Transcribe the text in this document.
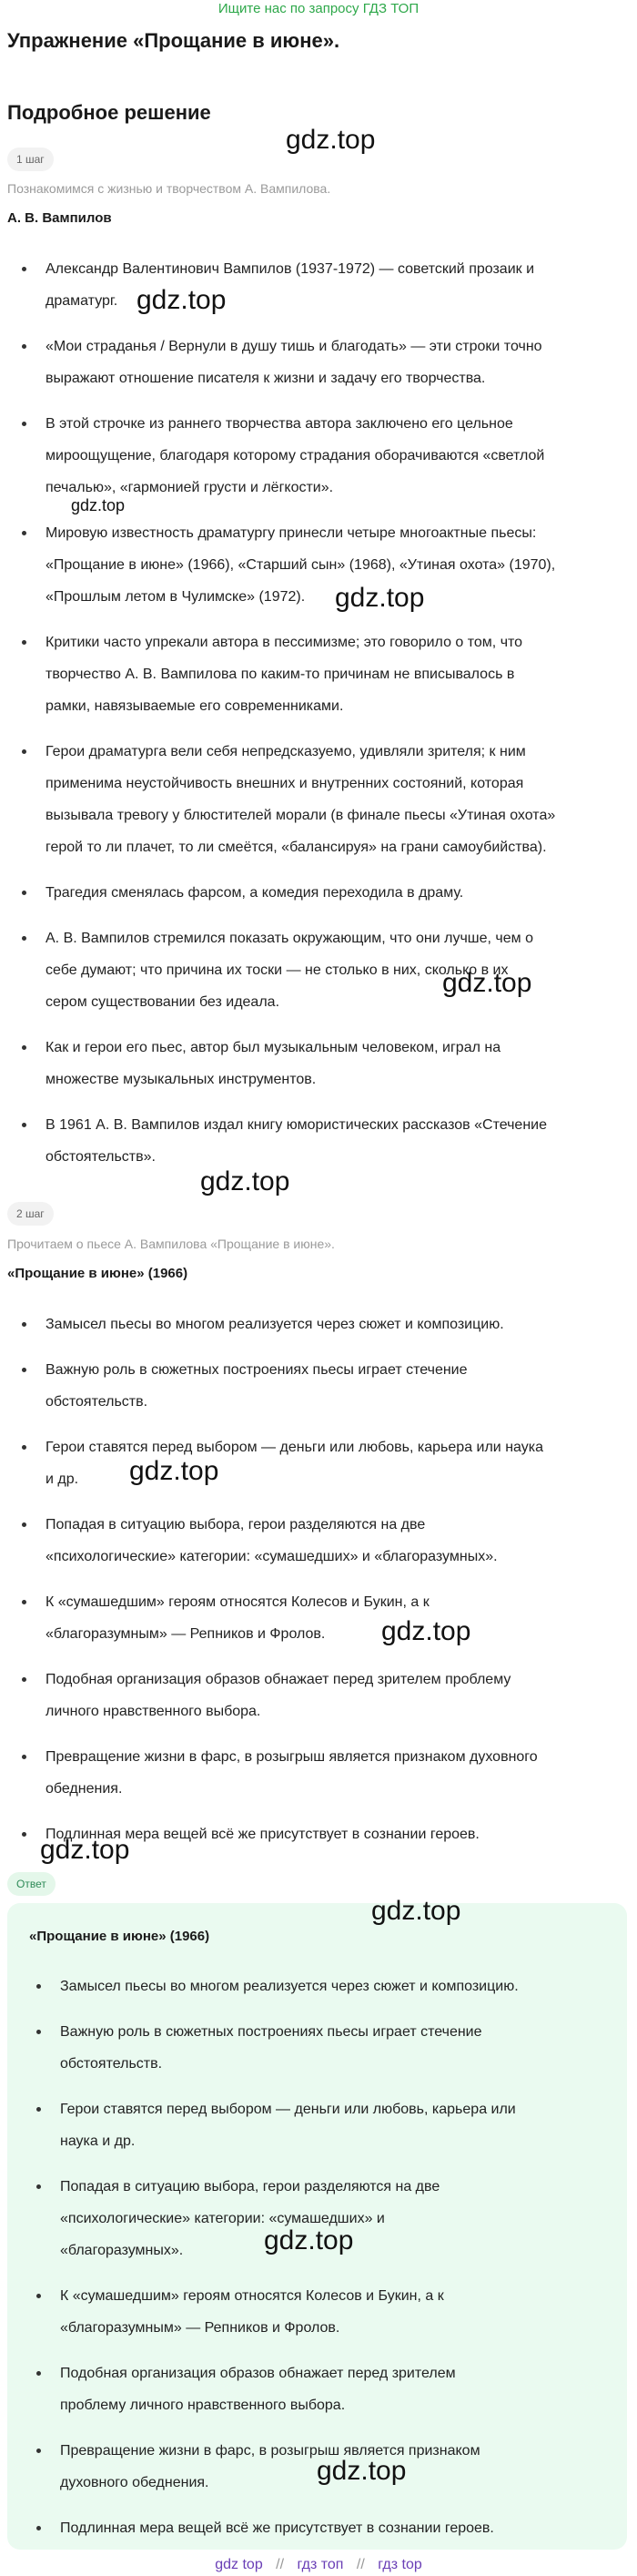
Ищите нас по запросу ГДЗ ТОП
Упражнение «Прощание в июне».
Подробное решение
1 шаг

Познакомимся с жизнью и творчеством А. Вампилова.

А. В. Вампилов

Александр Валентинович Вампилов (1937-1972) — советский прозаик и
драматург.
«Мои страданья / Вернули в душу тишь и благодать» — эти строки точно
выражают отношение писателя к жизни и задачу его творчества.
В этой строчке из раннего творчества автора заключено его цельное
мироощущение, благодаря которому страдания оборачиваются «светлой
печалью», «гармонией грусти и лёгкости».
Мировую известность драматургу принесли четыре многоактные пьесы:
«Прощание в июне» (1966), «Старший сын» (1968), «Утиная охота» (1970),
«Прошлым летом в Чулимске» (1972).
Критики часто упрекали автора в пессимизме; это говорило о том, что
творчество А. В. Вампилова по каким-то причинам не вписывалось в
рамки, навязываемые его современниками.
Герои драматурга вели себя непредсказуемо, удивляли зрителя; к ним
применима неустойчивость внешних и внутренних состояний, которая
вызывала тревогу у блюстителей морали (в финале пьесы «Утиная охота»
герой то ли плачет, то ли смеётся, «балансируя» на грани самоубийства).
Трагедия сменялась фарсом, а комедия переходила в драму.
А. В. Вампилов стремился показать окружающим, что они лучше, чем о
себе думают; что причина их тоски — не столько в них, сколько в их
сером существовании без идеала.
Как и герои его пьес, автор был музыкальным человеком, играл на
множестве музыкальных инструментов.
В 1961 А. В. Вампилов издал книгу юмористических рассказов «Стечение
обстоятельств».
2 шаг

Прочитаем о пьесе А. Вампилова «Прощание в июне».

«Прощание в июне» (1966)

Замысел пьесы во многом реализуется через сюжет и композицию.
Важную роль в сюжетных построениях пьесы играет стечение
обстоятельств.
Герои ставятся перед выбором — деньги или любовь, карьера или наука
и др.
Попадая в ситуацию выбора, герои разделяются на две
«психологические» категории: «сумашедших» и «благоразумных».
К «сумашедшим» героям относятся Колесов и Букин, а к
«благоразумным» — Репников и Фролов.
Подобная организация образов обнажает перед зрителем проблему
личного нравственного выбора.
Превращение жизни в фарс, в розыгрыш является признаком духовного
обеднения.
Подлинная мера вещей всё же присутствует в сознании героев.
Ответ

«Прощание в июне» (1966)

Замысел пьесы во многом реализуется через сюжет и композицию.
Важную роль в сюжетных построениях пьесы играет стечение
обстоятельств.
Герои ставятся перед выбором — деньги или любовь, карьера или
наука и др.
Попадая в ситуацию выбора, герои разделяются на две
«психологические» категории: «сумашедших» и
«благоразумных».
К «сумашедшим» героям относятся Колесов и Букин, а к
«благоразумным» — Репников и Фролов.
Подобная организация образов обнажает перед зрителем
проблему личного нравственного выбора.
Превращение жизни в фарс, в розыгрыш является признаком
духовного обеднения.
Подлинная мера вещей всё же присутствует в сознании героев.
gdz.top
gdz.top
gdz.top
gdz.top
gdz.top
gdz.top
gdz.top
gdz.top
gdz.top
gdz.top
gdz.top
gdz.top
gdz top // гдз топ // гдз top
